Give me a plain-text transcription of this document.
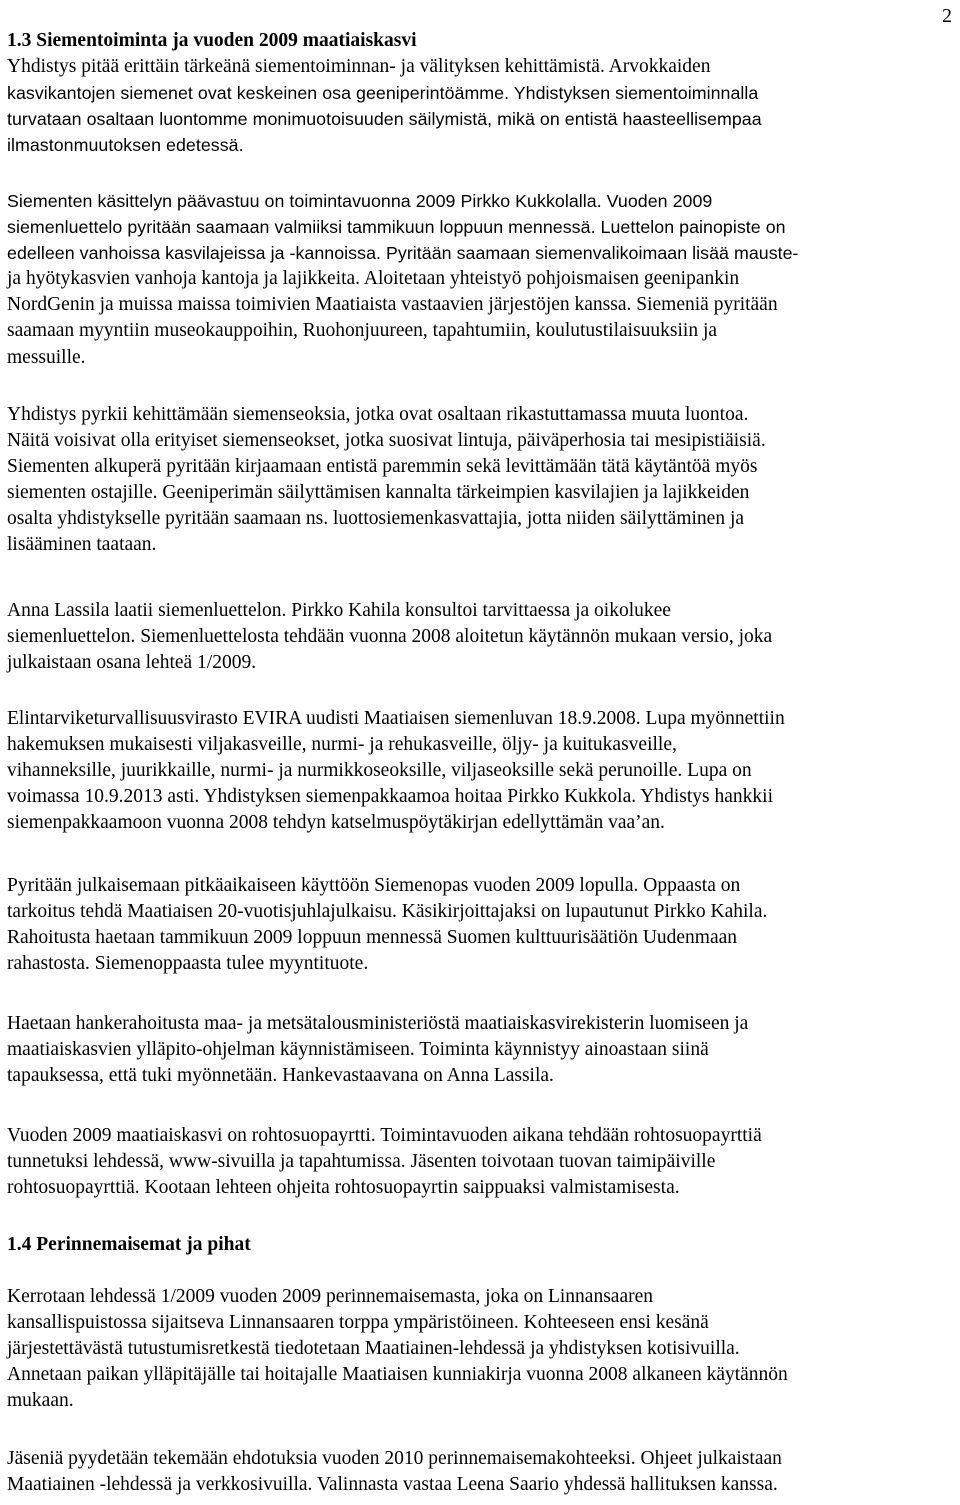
2
1.3 Siementoiminta ja vuoden 2009 maatiaiskasvi

Yhdistys pitää erittäin tärkeänä siementoiminnan- ja välityksen kehittämistä. Arvokkaiden
kasvikantojen siemenet ovat keskeinen osa geeniperintöämme. Yhdistyksen siementoiminnalla
turvataan osaltaan luontomme monimuotoisuuden säilymistä, mikä on entistä haasteellisempaa
ilmastonmuutoksen edetessä.

Siementen käsittelyn päävastuu on toimintavuonna 2009 Pirkko Kukkolalla. Vuoden 2009
siemenluettelo pyritään saamaan valmiiksi tammikuun loppuun mennessä. Luettelon painopiste on
edelleen vanhoissa kasvilajeissa ja -kannoissa. Pyritään saamaan siemenvalikoimaan lisää mauste-
ja hyötykasvien vanhoja kantoja ja lajikkeita. Aloitetaan yhteistyö pohjoismaisen geenipankin
NordGenin ja muissa maissa toimivien Maatiaista vastaavien järjestöjen kanssa. Siemeniä pyritään
saamaan myyntiin museokauppoihin, Ruohonjuureen, tapahtumiin, koulutustilaisuuksiin ja
messuille.

Yhdistys pyrkii kehittämään siemenseoksia, jotka ovat osaltaan rikastuttamassa muuta luontoa.
Näitä voisivat olla erityiset siemenseokset, jotka suosivat lintuja, päiväperhosia tai mesipistiäisiä.
Siementen alkuperä pyritään kirjaamaan entistä paremmin sekä levittämään tätä käytäntöä myös
siementen ostajille. Geeniperimän säilyttämisen kannalta tärkeimpien kasvilajien ja lajikkeiden
osalta yhdistykselle pyritään saamaan ns. luottosiemenkasvattajia, jotta niiden säilyttäminen ja
lisääminen taataan.

Anna Lassila laatii siemenluettelon. Pirkko Kahila konsultoi tarvittaessa ja oikolukee
siemenluettelon. Siemenluettelosta tehdään vuonna 2008 aloitetun käytännön mukaan versio, joka
julkaistaan osana lehteä 1/2009.

Elintarviketurvallisuusvirasto EVIRA uudisti Maatiaisen siemenluvan 18.9.2008. Lupa myönnettiin
hakemuksen mukaisesti viljakasveille, nurmi- ja rehukasveille, öljy- ja kuitukasveille,
vihanneksille, juurikkaille, nurmi- ja nurmikkoseoksille, viljaseoksille sekä perunoille. Lupa on
voimassa 10.9.2013 asti. Yhdistyksen siemenpakkaamoa hoitaa Pirkko Kukkola. Yhdistys hankkii
siemenpakkaamoon vuonna 2008 tehdyn katselmuspöytäkirjan edellyttämän vaa’an.

Pyritään julkaisemaan pitkäaikaiseen käyttöön Siemenopas vuoden 2009 lopulla. Oppaasta on
tarkoitus tehdä Maatiaisen 20-vuotisjuhlajulkaisu. Käsikirjoittajaksi on lupautunut Pirkko Kahila.
Rahoitusta haetaan tammikuun 2009 loppuun mennessä Suomen kulttuurisäätiön Uudenmaan
rahastosta. Siemenoppaasta tulee myyntituote.

Haetaan hankerahoitusta maa- ja metsätalousministeriöstä maatiaiskasvirekisterin luomiseen ja
maatiaiskasvien ylläpito-ohjelman käynnistämiseen. Toiminta käynnistyy ainoastaan siinä
tapauksessa, että tuki myönnetään. Hankevastaavana on Anna Lassila.

Vuoden 2009 maatiaiskasvi on rohtosuopayrtti. Toimintavuoden aikana tehdään rohtosuopayrttiä
tunnetuksi lehdessä, www-sivuilla ja tapahtumissa. Jäsenten toivotaan tuovan taimipäiville
rohtosuopayrttiä. Kootaan lehteen ohjeita rohtosuopayrtin saippuaksi valmistamisesta.

1.4 Perinnemaisemat ja pihat

Kerrotaan lehdessä 1/2009 vuoden 2009 perinnemaisemasta, joka on Linnansaaren
kansallispuistossa sijaitseva Linnansaaren torppa ympäristöineen. Kohteeseen ensi kesänä
järjestettävästä tutustumisretkestä tiedotetaan Maatiainen-lehdessä ja yhdistyksen kotisivuilla.
Annetaan paikan ylläpitäjälle tai hoitajalle Maatiaisen kunniakirja vuonna 2008 alkaneen käytännön
mukaan.

Jäseniä pyydetään tekemään ehdotuksia vuoden 2010 perinnemaisemakohteeksi. Ohjeet julkaistaan
Maatiainen -lehdessä ja verkkosivuilla. Valinnasta vastaa Leena Saario yhdessä hallituksen kanssa.
